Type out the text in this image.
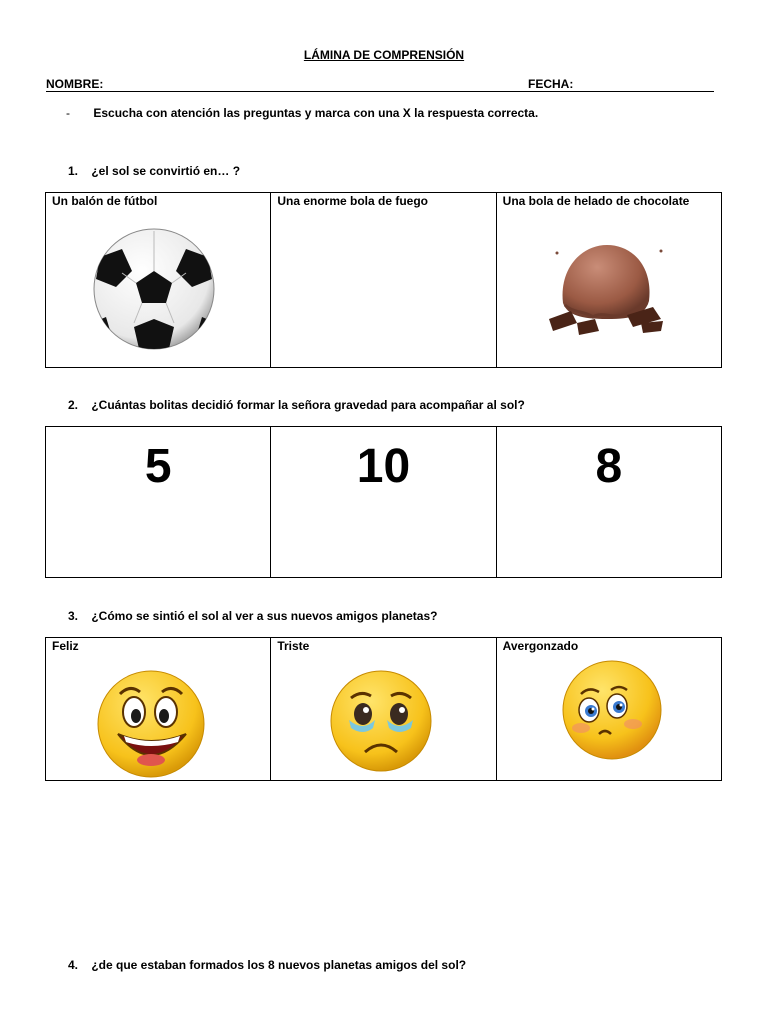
LÁMINA DE COMPRENSIÓN
NOMBRE:	FECHA:
- Escucha con atención las preguntas y marca con una X la respuesta correcta.
1. ¿el sol se convirtió en… ?
Un balón de fútbol	Una enorme bola de fuego	Una bola de helado de chocolate
2. ¿Cuántas bolitas decidió formar la señora gravedad para acompañar al sol?
5	10	8
3. ¿Cómo se sintió el sol al ver a sus nuevos amigos planetas?
Feliz	Triste	Avergonzado
4. ¿de que estaban formados los 8 nuevos planetas amigos del sol?
